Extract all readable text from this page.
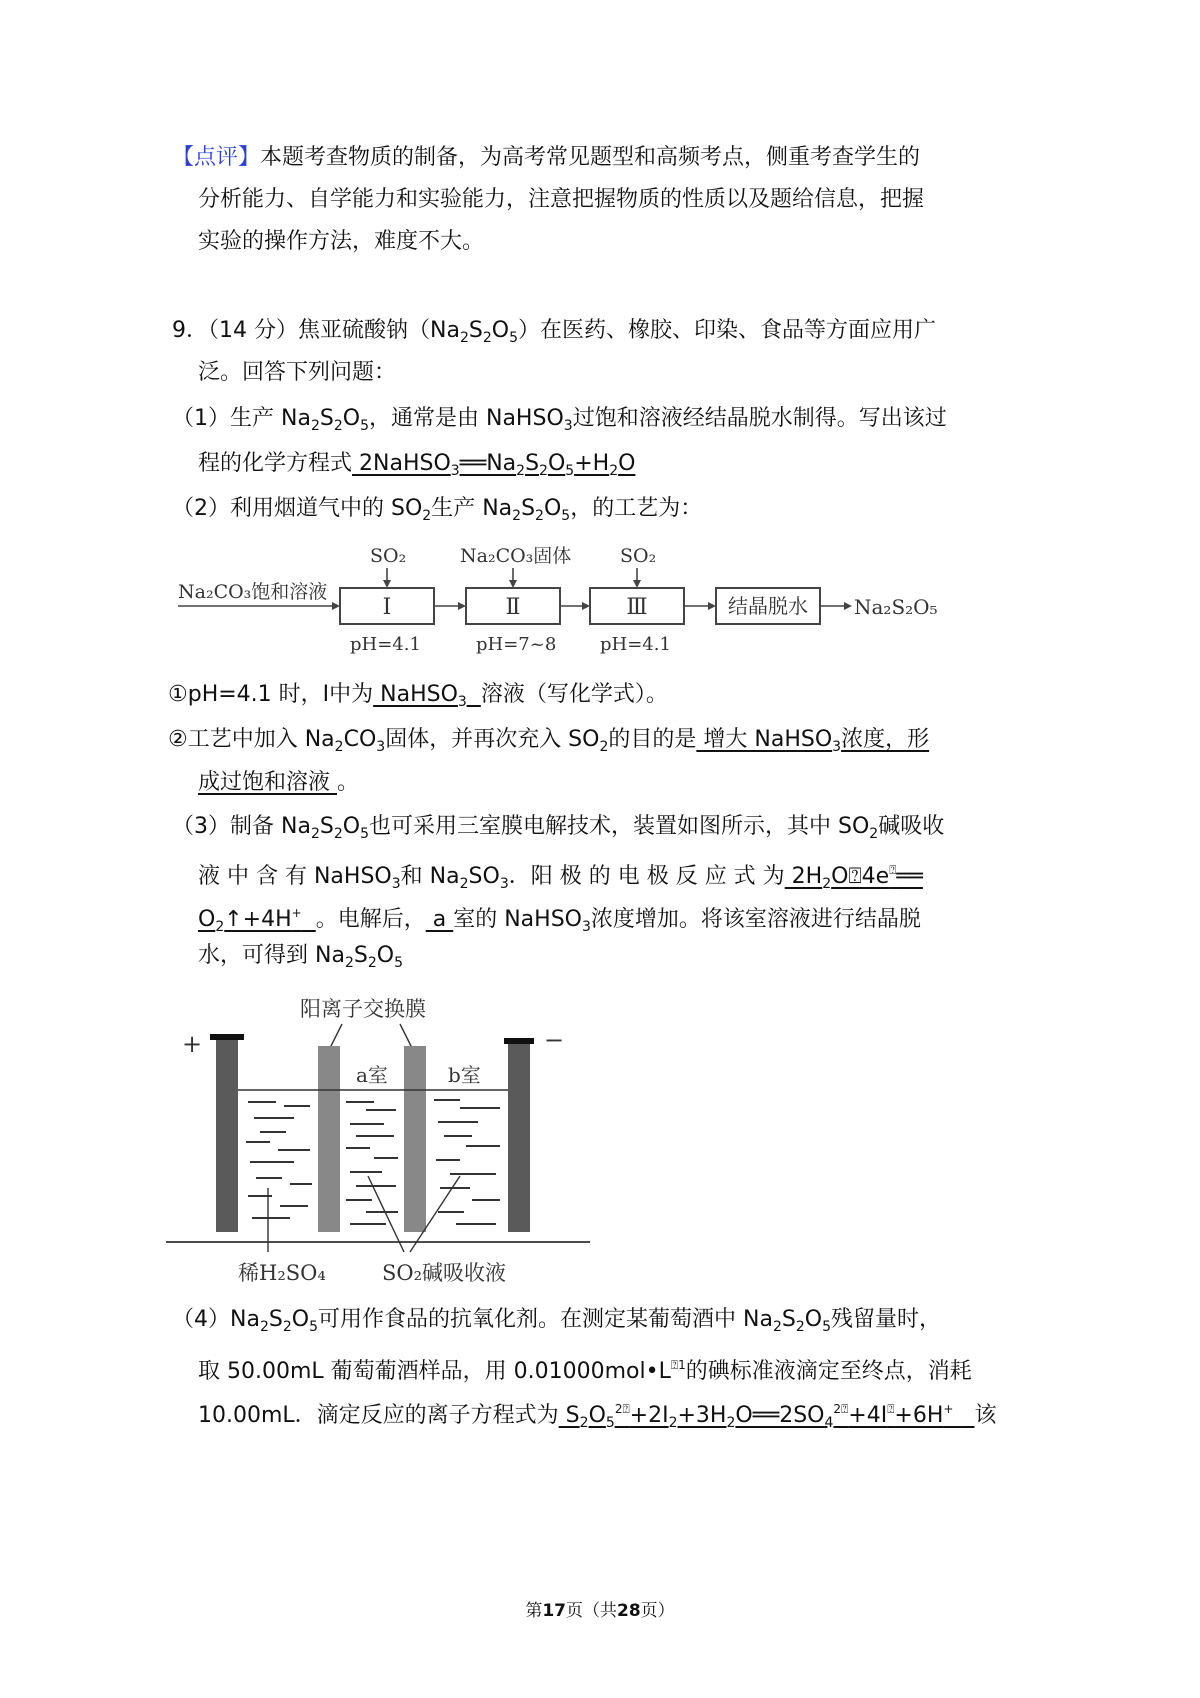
【点评】本题考查物质的制备，为高考常见题型和高频考点，侧重考查学生的
分析能力、自学能力和实验能力，注意把握物质的性质以及题给信息，把握
实验的操作方法，难度不大。
9．（14 分）焦亚硫酸钠$(Na_2S_2O_5)$在医药、橡胶、印染、食品等方面应用广
泛。回答下列问题：
（1）生产 $Na_2S_2O_5$，通常是由 NaHSO$_3$过饱和溶液经结晶脱水制得。写出该过
程的化学方程式 $2NaHSO_3══Na_2S_2O_5+H_2O$
（2）利用烟道气中的 $SO_2$生产 $Na_2S_2O_5$，的工艺为：
Na₂CO₃饱和溶液
SO₂	Na₂CO₃固体	SO₂
Ⅰ	Ⅱ	Ⅲ	结晶脱水 Na₂S₂O₅
pH=4.1	pH=7~8 pH=4.1
①pH=4.1 时，Ⅰ中为 NaHSO$_3$ 溶液（写化学式）。
②工艺中加入 $Na_2CO_3$固体，并再次充入 $SO_2$的目的是 增大 NaHSO$_3$浓度，形
成过饱和溶液 。
（3）制备 $Na_2S_2O_5$也可采用三室膜电解技术，装置如图所示，其中 $SO_2$碱吸收
液 中 含 有 NaHSO$_3$和 $Na_2SO_3$．阳 极 的 电 极 反 应 式 为 $2H_2O⍰4e^⍰══$
$O_2↑+4H^+$ 。电解后， a 室的 NaHSO$_3$浓度增加。将该室溶液进行结晶脱
水，可得到 $Na_2S_2O_5$
阳离子交换膜
+	−
a室	b室
稀H₂SO₄	SO₂碱吸收液
$(4)Na_2S_2O_5$可用作食品的抗氧化剂。在测定某葡萄酒中 $Na_2S_2O_5$残留量时，
取 50.00mL 葡萄葡酒样品，用 $0.01000mol•L^{⍰1}$的碘标准液滴定至终点，消耗
10.00mL．滴定反应的离子方程式为 $S_2O_5^{2⍰}+2I_2+3H_2O══2SO_4^{2⍰}+4I^⍰+6H^+$ 该
第17页（共28页）
